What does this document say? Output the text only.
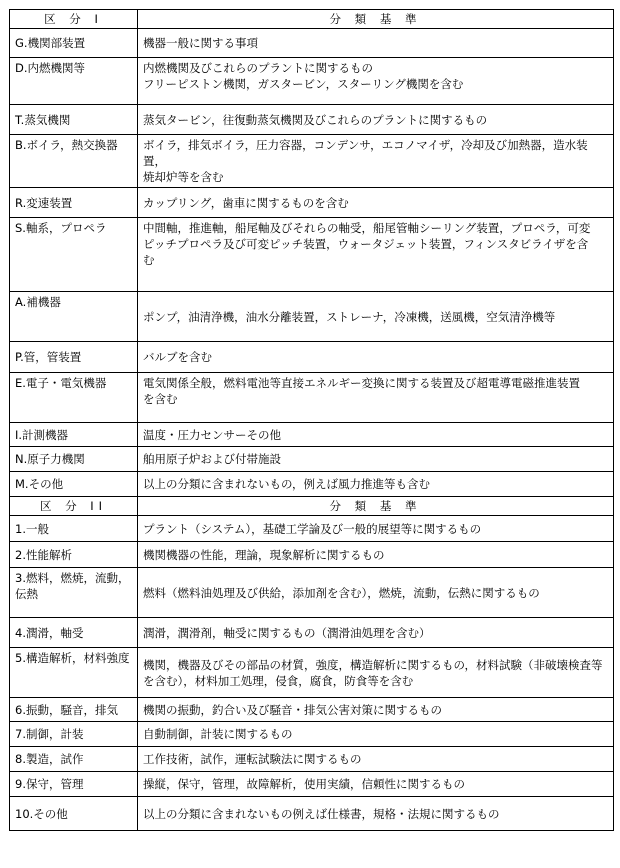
区 分 I	分 類 基 準
G.機関部装置	機器一般に関する事項
D.内燃機関等	内燃機関及びこれらのプラントに関するもの
フリーピストン機関，ガスタービン，スターリング機関を含む
T.蒸気機関	蒸気タービン，往復動蒸気機関及びこれらのプラントに関するもの
B.ボイラ，熱交換器	ボイラ，排気ボイラ，圧力容器，コンデンサ，エコノマイザ，冷却及び加熱器，造水装置，
焼却炉等を含む
R.変速装置	カップリング，歯車に関するものを含む
S.軸系，プロペラ	中間軸，推進軸，船尾軸及びそれらの軸受，船尾管軸シーリング装置，プロペラ，可変
ピッチプロペラ及び可変ピッチ装置，ウォータジェット装置，フィンスタビライザを含
む
A.補機器	ポンプ，油清浄機，油水分離装置，ストレーナ，冷凍機，送風機，空気清浄機等
P.管，管装置	バルブを含む
E.電子・電気機器	電気関係全般，燃料電池等直接エネルギー変換に関する装置及び超電導電磁推進装置
を含む
I.計測機器	温度・圧力センサーその他
N.原子力機関	舶用原子炉および付帯施設
M.その他	以上の分類に含まれないもの，例えば風力推進等も含む
区 分 II	分 類 基 準
1.一般	プラント（システム），基礎工学論及び一般的展望等に関するもの
2.性能解析	機関機器の性能，理論，現象解析に関するもの
3.燃料，燃焼，流動，伝熱	燃料（燃料油処理及び供給，添加剤を含む），燃焼，流動，伝熱に関するもの
4.潤滑，軸受	潤滑，潤滑剤，軸受に関するもの（潤滑油処理を含む）
5.構造解析，材料強度	機関，機器及びその部品の材質，強度，構造解析に関するもの，材料試験（非破壊検査等
を含む），材料加工処理，侵食，腐食，防食等を含む
6.振動，騒音，排気	機関の振動，釣合い及び騒音・排気公害対策に関するもの
7.制御，計装	自動制御，計装に関するもの
8.製造，試作	工作技術，試作，運転試験法に関するもの
9.保守，管理	操縦，保守，管理，故障解析，使用実績，信頼性に関するもの
10.その他	以上の分類に含まれないもの例えば仕様書，規格・法規に関するもの
